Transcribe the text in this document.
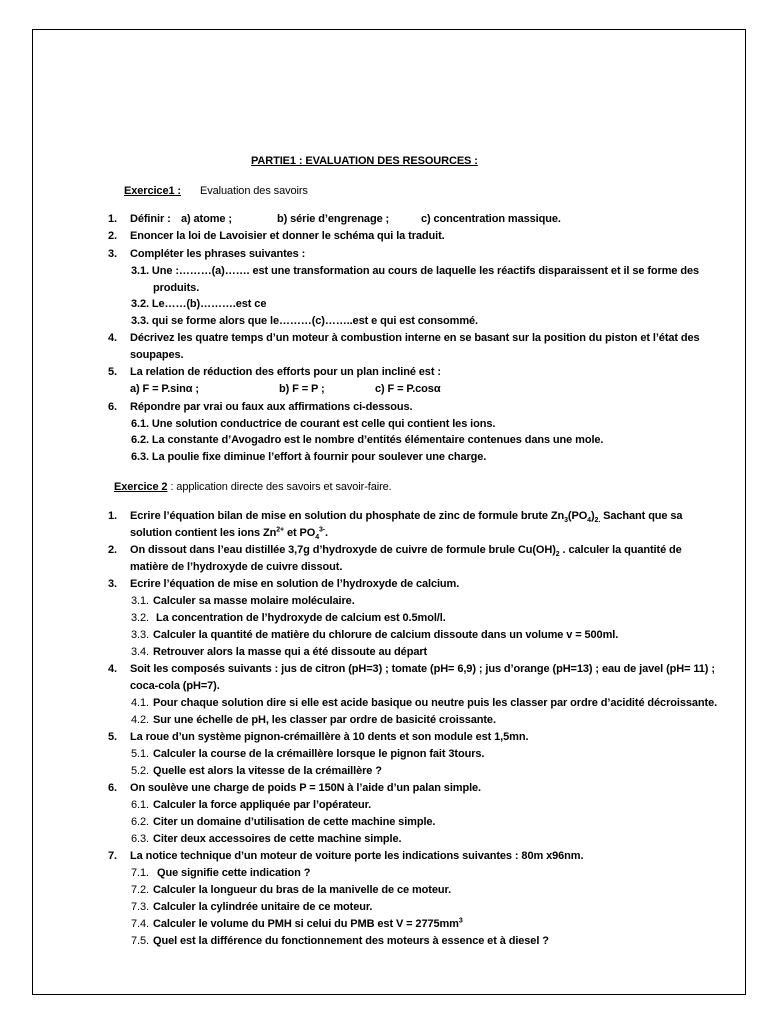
PARTIE1 : EVALUATION DES RESOURCES :
Exercice1 : Evaluation des savoirs
1. Définir : a) atome ;	b) série d’engrenage ;	c) concentration massique.
2. Enoncer la loi de Lavoisier et donner le schéma qui la traduit.
3. Compléter les phrases suivantes :
3.1. Une :………(a)……. est une transformation au cours de laquelle les réactifs disparaissent et il se forme des
produits.
3.2. Le……(b)……….est ce
3.3. qui se forme alors que le………(c)……..est e qui est consommé.
4. Décrivez les quatre temps d’un moteur à combustion interne en se basant sur la position du piston et l’état des
soupapes.
5. La relation de réduction des efforts pour un plan incliné est :
a) F = P.sinα ;	b) F = P ;	c) F = P.cosα
6. Répondre par vrai ou faux aux affirmations ci-dessous.
6.1. Une solution conductrice de courant est celle qui contient les ions.
6.2. La constante d’Avogadro est le nombre d’entités élémentaire contenues dans une mole.
6.3. La poulie fixe diminue l’effort à fournir pour soulever une charge.
Exercice 2 : application directe des savoirs et savoir-faire.
1. Ecrire l’équation bilan de mise en solution du phosphate de zinc de formule brute $Zn_3(PO_4)_{2.}$ Sachant que sa
solution contient les ions $Zn^{2+}$ et $PO_4^{3-}$.
2. On dissout dans l’eau distillée 3,7g d’hydroxyde de cuivre de formule brule $Cu(OH)_2$ . calculer la quantité de
matière de l’hydroxyde de cuivre dissout.
3. Ecrire l’équation de mise en solution de l’hydroxyde de calcium.
3.1. Calculer sa masse molaire moléculaire.
3.2. La concentration de l’hydroxyde de calcium est 0.5mol/l.
3.3. Calculer la quantité de matière du chlorure de calcium dissoute dans un volume v = 500ml.
3.4. Retrouver alors la masse qui a été dissoute au départ
4. Soit les composés suivants : jus de citron (pH=3) ; tomate (pH= 6,9) ; jus d’orange (pH=13) ; eau de javel (pH= 11) ;
coca-cola (pH=7).
4.1. Pour chaque solution dire si elle est acide basique ou neutre puis les classer par ordre d’acidité décroissante.
4.2. Sur une échelle de pH, les classer par ordre de basicité croissante.
5. La roue d’un système pignon-crémaillère à 10 dents et son module est 1,5mn.
5.1. Calculer la course de la crémaillère lorsque le pignon fait 3tours.
5.2. Quelle est alors la vitesse de la crémaillère ?
6. On soulève une charge de poids P = 150N à l’aide d’un palan simple.
6.1. Calculer la force appliquée par l’opérateur.
6.2. Citer un domaine d’utilisation de cette machine simple.
6.3. Citer deux accessoires de cette machine simple.
7. La notice technique d’un moteur de voiture porte les indications suivantes : 80m x96nm.
7.1. Que signifie cette indication ?
7.2. Calculer la longueur du bras de la manivelle de ce moteur.
7.3. Calculer la cylindrée unitaire de ce moteur.
7.4. Calculer le volume du PMH si celui du PMB est $V = 2775mm^3$
7.5. Quel est la différence du fonctionnement des moteurs à essence et à diesel ?
